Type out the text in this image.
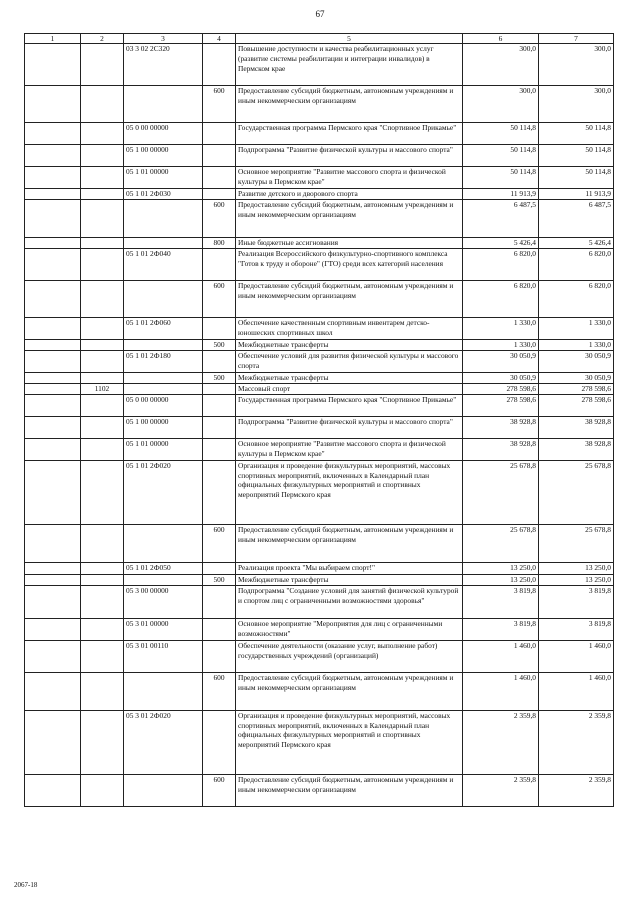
67
1	2	3	4	5	6	7
		03 3 02 2С320		Повышение доступности и качества реабилитационных услуг (развитие системы реабилитации и интеграции инвалидов) в Пермском крае	300,0	300,0
			600	Предоставление субсидий бюджетным, автономным учреждениям и иным некоммерческим организациям	300,0	300,0
		05 0 00 00000		Государственная программа Пермского края "Спортивное Прикамье"	50 114,8	50 114,8
		05 1 00 00000		Подпрограмма "Развитие физической культуры и массового спорта"	50 114,8	50 114,8
		05 1 01 00000		Основное мероприятие "Развитие массового спорта и физической культуры в Пермском крае"	50 114,8	50 114,8
		05 1 01 2Ф030		Развитие детского и дворового спорта	11 913,9	11 913,9
			600	Предоставление субсидий бюджетным, автономным учреждениям и иным некоммерческим организациям	6 487,5	6 487,5
			800	Иные бюджетные ассигнования	5 426,4	5 426,4
		05 1 01 2Ф040		Реализация Всероссийского физкультурно-спортивного комплекса "Готов к труду и обороне" (ГТО) среди всех категорий населения	6 820,0	6 820,0
			600	Предоставление субсидий бюджетным, автономным учреждениям и иным некоммерческим организациям	6 820,0	6 820,0
		05 1 01 2Ф060		Обеспечение качественным спортивным инвентарем детско-юношеских спортивных школ	1 330,0	1 330,0
			500	Межбюджетные трансферты	1 330,0	1 330,0
		05 1 01 2Ф180		Обеспечение условий для развития физической культуры и массового спорта	30 050,9	30 050,9
			500	Межбюджетные трансферты	30 050,9	30 050,9
	1102			Массовый спорт	278 598,6	278 598,6
		05 0 00 00000		Государственная программа Пермского края "Спортивное Прикамье"	278 598,6	278 598,6
		05 1 00 00000		Подпрограмма "Развитие физической культуры и массового спорта"	38 928,8	38 928,8
		05 1 01 00000		Основное мероприятие "Развитие массового спорта и физической культуры в Пермском крае"	38 928,8	38 928,8
		05 1 01 2Ф020		Организация и проведение физкультурных мероприятий, массовых спортивных мероприятий, включенных в Календарный план официальных физкультурных мероприятий и спортивных мероприятий Пермского края	25 678,8	25 678,8
			600	Предоставление субсидий бюджетным, автономным учреждениям и иным некоммерческим организациям	25 678,8	25 678,8
		05 1 01 2Ф050		Реализация проекта "Мы выбираем спорт!"	13 250,0	13 250,0
			500	Межбюджетные трансферты	13 250,0	13 250,0
		05 3 00 00000		Подпрограмма "Создание условий для занятий физической культурой и спортом лиц с ограниченными возможностями здоровья"	3 819,8	3 819,8
		05 3 01 00000		Основное мероприятие "Мероприятия для лиц с ограниченными возможностями"	3 819,8	3 819,8
		05 3 01 00110		Обеспечение деятельности (оказание услуг, выполнение работ) государственных учреждений (организаций)	1 460,0	1 460,0
			600	Предоставление субсидий бюджетным, автономным учреждениям и иным некоммерческим организациям	1 460,0	1 460,0
		05 3 01 2Ф020		Организация и проведение физкультурных мероприятий, массовых спортивных мероприятий, включенных в Календарный план официальных физкультурных мероприятий и спортивных мероприятий Пермского края	2 359,8	2 359,8
			600	Предоставление субсидий бюджетным, автономным учреждениям и иным некоммерческим организациям	2 359,8	2 359,8
2067-18
